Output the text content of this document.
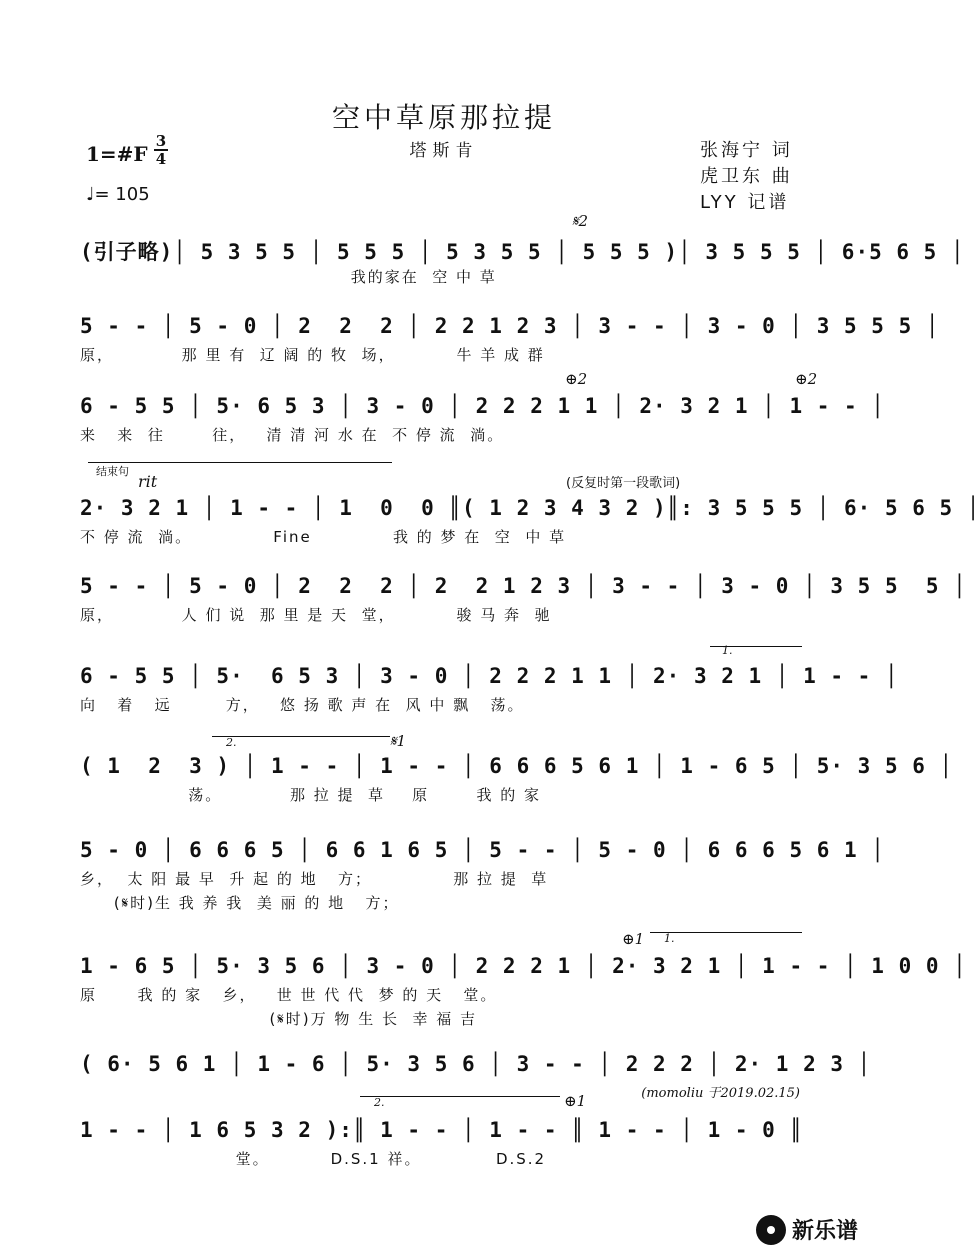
空中草原那拉提
塔斯肯
1=#F
3
4
♩= 105
张海宁 词
虎卫东 曲
LYY 记谱
𝄋2
⊕2	⊕2
结束句
rit	(反复时第一段歌词)
1.
2.	𝄋1
⊕1 1.
2.	⊕1
(引子略)│ 5 3 5 5 │ 5 5 5 │ 5 3 5 5 │ 5 5 5 )│ 3 5 5 5 │ 6·5 6 5 │
我的家在  空 中 草
5 - - │ 5 - 0 │ 2  2  2 │ 2 2 1 2 3 │ 3 - - │ 3 - 0 │ 3 5 5 5 │
原，          那 里 有  辽 阔 的 牧  场，         牛 羊 成 群
6 - 5 5 │ 5· 6 5 3 │ 3 - 0 │ 2 2 2 1 1 │ 2· 3 2 1 │ 1 - - │
来   来  往       往，   清 清 河 水 在  不 停 流  淌。
2· 3 2 1 │ 1 - - │ 1  0  0 ║( 1 2 3 4 3 2 )║: 3 5 5 5 │ 6· 5 6 5 │
不 停 流  淌。            Fine            我 的 梦 在  空  中 草
5 - - │ 5 - 0 │ 2  2  2 │ 2  2 1 2 3 │ 3 - - │ 3 - 0 │ 3 5 5  5 │
原，          人 们 说  那 里 是 天  堂，         骏 马 奔  驰
6 - 5 5 │ 5·  6 5 3 │ 3 - 0 │ 2 2 2 1 1 │ 2· 3 2 1 │ 1 - - │
向   着   远        方，   悠 扬 歌 声 在  风 中 飘   荡。
( 1  2  3 ) │ 1 - - │ 1 - - │ 6 6 6 5 6 1 │ 1 - 6 5 │ 5· 3 5 6 │
荡。          那 拉 提  草    原       我 的 家
5 - 0 │ 6 6 6 5 │ 6 6 1 6 5 │ 5 - - │ 5 - 0 │ 6 6 6 5 6 1 │
乡，  太 阳 最 早  升 起 的 地   方；            那 拉 提  草
(𝄋时)生 我 养 我  美 丽 的 地   方；
1 - 6 5 │ 5· 3 5 6 │ 3 - 0 │ 2 2 2 1 │ 2· 3 2 1 │ 1 - - │ 1 0 0 │
原      我 的 家   乡，   世 世 代 代  梦 的 天   堂。
(𝄋时)万 物 生 长  幸 福 吉
( 6· 5 6 1 │ 1 - 6 │ 5· 3 5 6 │ 3 - - │ 2 2 2 │ 2· 1 2 3 │
(momoliu 于2019.02.15)
1 - - │ 1 6 5 3 2 ):║ 1 - - │ 1 - - ║ 1 - - │ 1 - 0 ║
堂。         D.S.1 祥。           D.S.2
新乐谱
